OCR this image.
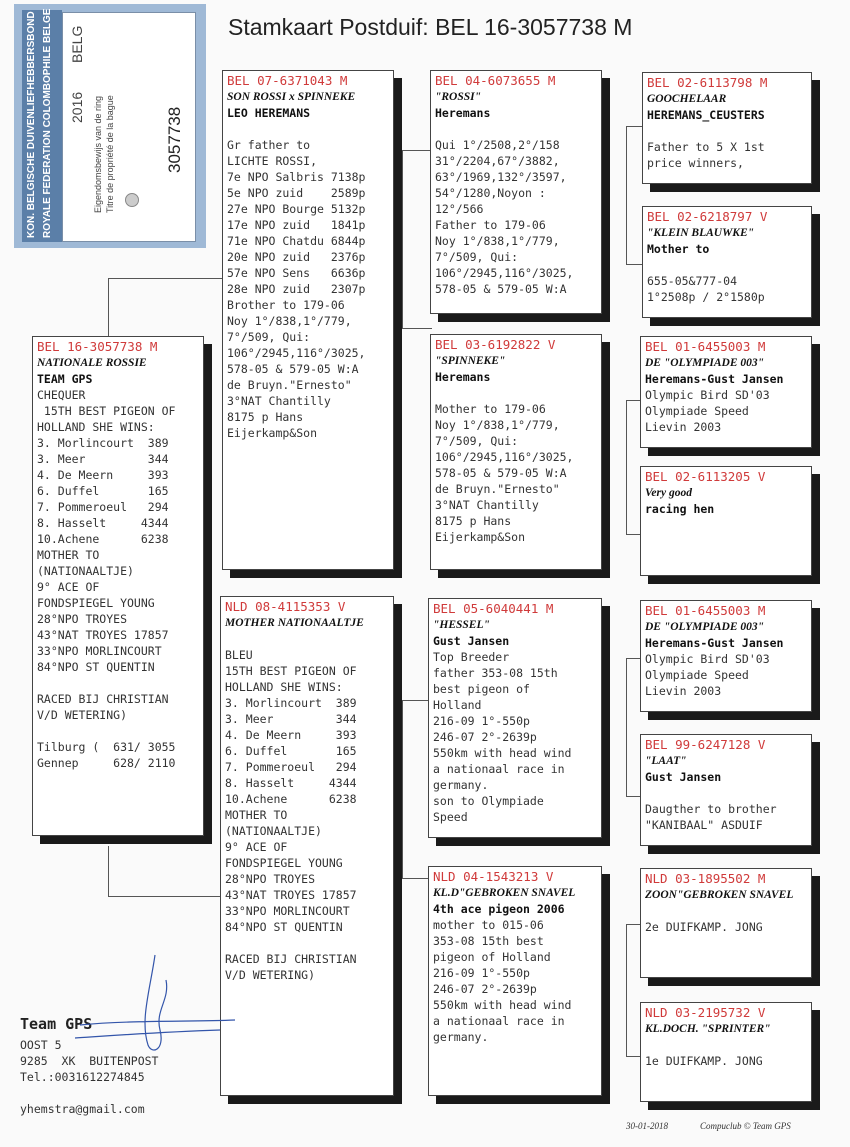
Stamkaart Postduif: BEL 16-3057738 M
KON. BELGISCHE DUIVENLIEFHEBBERSBOND ROYALE FEDERATION COLOMBOPHILE BELGE 2016
BELG
Eigendomsbewijs van de ring Titre de propriété de la bague	3057738
BEL 16-3057738 M
NATIONALE ROSSIE
TEAM GPS
CHEQUER
15TH BEST PIGEON OF
HOLLAND SHE WINS:
3. Morlincourt  389
3. Meer         344
4. De Meern     393
6. Duffel       165
7. Pommeroeul   294
8. Hasselt     4344
10.Achene      6238
MOTHER TO
(NATIONAALTJE)
9° ACE OF
FONDSPIEGEL YOUNG
28°NPO TROYES
43°NAT TROYES 17857
33°NPO MORLINCOURT
84°NPO ST QUENTIN

RACED BIJ CHRISTIAN
V/D WETERING)

Tilburg (  631/ 3055
Gennep     628/ 2110
BEL 07-6371043 M
SON ROSSI x SPINNEKE
LEO HEREMANS

Gr father to
LICHTE ROSSI,
7e NPO Salbris 7138p
5e NPO zuid    2589p
27e NPO Bourge 5132p
17e NPO zuid   1841p
71e NPO Chatdu 6844p
20e NPO zuid   2376p
57e NPO Sens   6636p
28e NPO zuid   2307p
Brother to 179-06
Noy 1°/838,1°/779,
7°/509, Qui:
106°/2945,116°/3025,
578-05 & 579-05 W:A
de Bruyn."Ernesto"
3°NAT Chantilly
8175 p Hans
Eijerkamp&Son
NLD 08-4115353 V
MOTHER NATIONAALTJE

BLEU
15TH BEST PIGEON OF
HOLLAND SHE WINS:
3. Morlincourt  389
3. Meer         344
4. De Meern     393
6. Duffel       165
7. Pommeroeul   294
8. Hasselt     4344
10.Achene      6238
MOTHER TO
(NATIONAALTJE)
9° ACE OF
FONDSPIEGEL YOUNG
28°NPO TROYES
43°NAT TROYES 17857
33°NPO MORLINCOURT
84°NPO ST QUENTIN

RACED BIJ CHRISTIAN
V/D WETERING)
BEL 04-6073655 M
"ROSSI"
Heremans

Qui 1°/2508,2°/158
31°/2204,67°/3882,
63°/1969,132°/3597,
54°/1280,Noyon :
12°/566
Father to 179-06
Noy 1°/838,1°/779,
7°/509, Qui:
106°/2945,116°/3025,
578-05 & 579-05 W:A
BEL 03-6192822 V
"SPINNEKE"
Heremans

Mother to 179-06
Noy 1°/838,1°/779,
7°/509, Qui:
106°/2945,116°/3025,
578-05 & 579-05 W:A
de Bruyn."Ernesto"
3°NAT Chantilly
8175 p Hans
Eijerkamp&Son
BEL 05-6040441 M
"HESSEL"
Gust Jansen
Top Breeder
father 353-08 15th
best pigeon of
Holland
216-09 1°-550p
246-07 2°-2639p
550km with head wind
a nationaal race in
germany.
son to Olympiade
Speed
NLD 04-1543213 V
KL.D"GEBROKEN SNAVEL
4th ace pigeon 2006
mother to 015-06
353-08 15th best
pigeon of Holland
216-09 1°-550p
246-07 2°-2639p
550km with head wind
a nationaal race in
germany.
BEL 02-6113798 M
GOOCHELAAR
HEREMANS_CEUSTERS

Father to 5 X 1st
price winners,
BEL 02-6218797 V
"KLEIN BLAUWKE"
Mother to

655-05&777-04
1°2508p / 2°1580p
BEL 01-6455003 M
DE "OLYMPIADE 003"
Heremans-Gust Jansen
Olympic Bird SD'03
Olympiade Speed
Lievin 2003
BEL 02-6113205 V
Very good
racing hen
BEL 01-6455003 M
DE "OLYMPIADE 003"
Heremans-Gust Jansen
Olympic Bird SD'03
Olympiade Speed
Lievin 2003
BEL 99-6247128 V
"LAAT"
Gust Jansen

Daugther to brother
"KANIBAAL" ASDUIF
NLD 03-1895502 M
ZOON"GEBROKEN SNAVEL

2e DUIFKAMP. JONG
NLD 03-2195732 V
KL.DOCH. "SPRINTER"

1e DUIFKAMP. JONG
Team GPS
OOST 5
9285  XK  BUITENPOST
Tel.:0031612274845
yhemstra@gmail.com
30-01-2018	Compuclub © Team GPS
